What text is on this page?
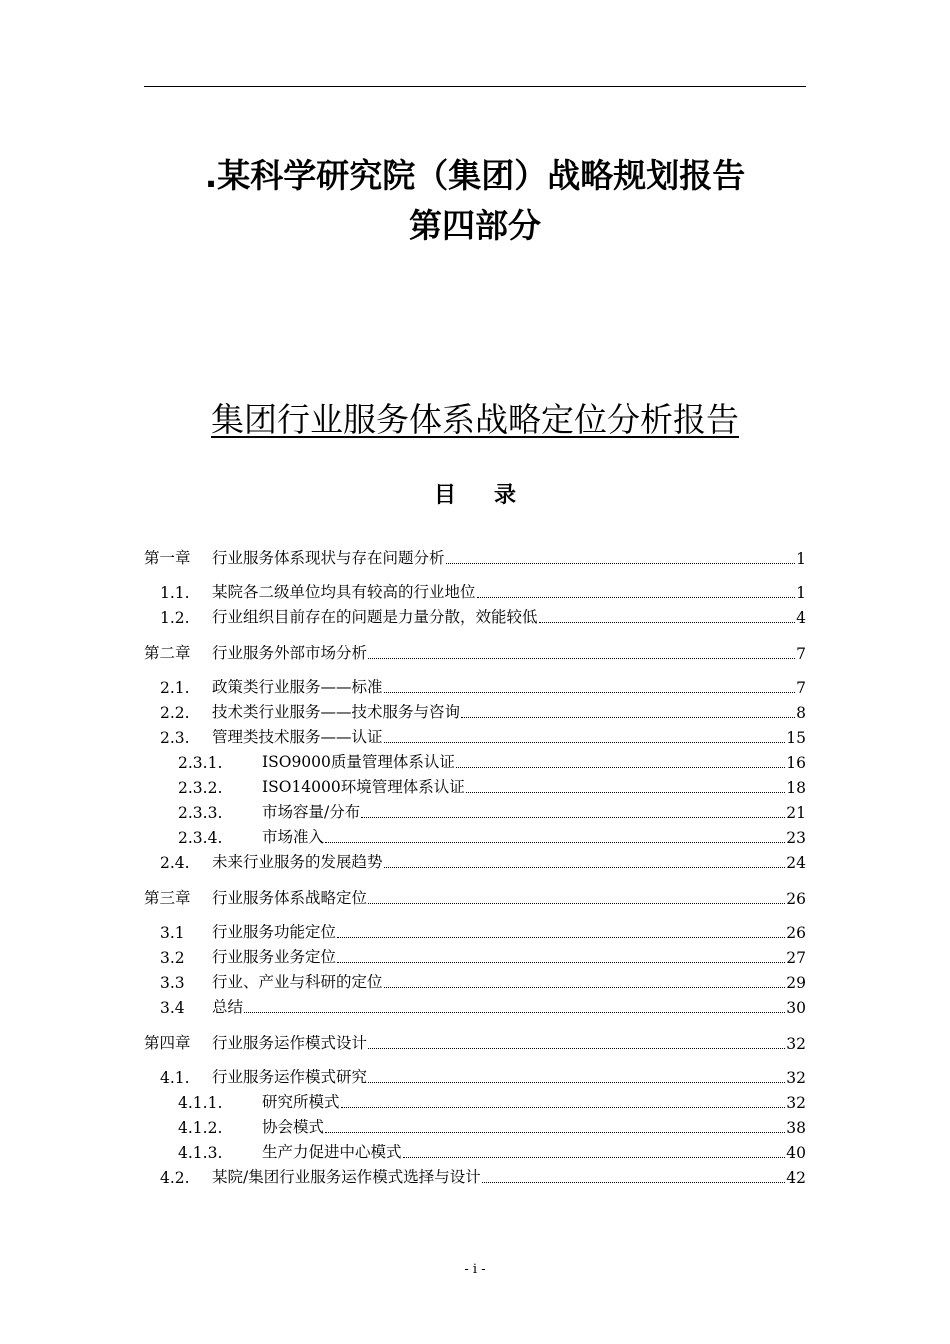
.某科学研究院（集团）战略规划报告
第四部分
集团行业服务体系战略定位分析报告
目录
第一章	行业服务体系现状与存在问题分析	1
1.1.	某院各二级单位均具有较高的行业地位	1
1.2.	行业组织目前存在的问题是力量分散，效能较低	4
第二章	行业服务外部市场分析	7
2.1.	政策类行业服务——标准	7
2.2.	技术类行业服务——技术服务与咨询	8
2.3.	管理类技术服务——认证	15
2.3.1.	ISO9000质量管理体系认证	16
2.3.2.	ISO14000环境管理体系认证	18
2.3.3.	市场容量/分布	21
2.3.4.	市场准入	23
2.4.	未来行业服务的发展趋势	24
第三章	行业服务体系战略定位	26
3.1	行业服务功能定位	26
3.2	行业服务业务定位	27
3.3	行业、产业与科研的定位	29
3.4	总结	30
第四章	行业服务运作模式设计	32
4.1.	行业服务运作模式研究	32
4.1.1.	研究所模式	32
4.1.2.	协会模式	38
4.1.3.	生产力促进中心模式	40
4.2.	某院/集团行业服务运作模式选择与设计	42
- i -
